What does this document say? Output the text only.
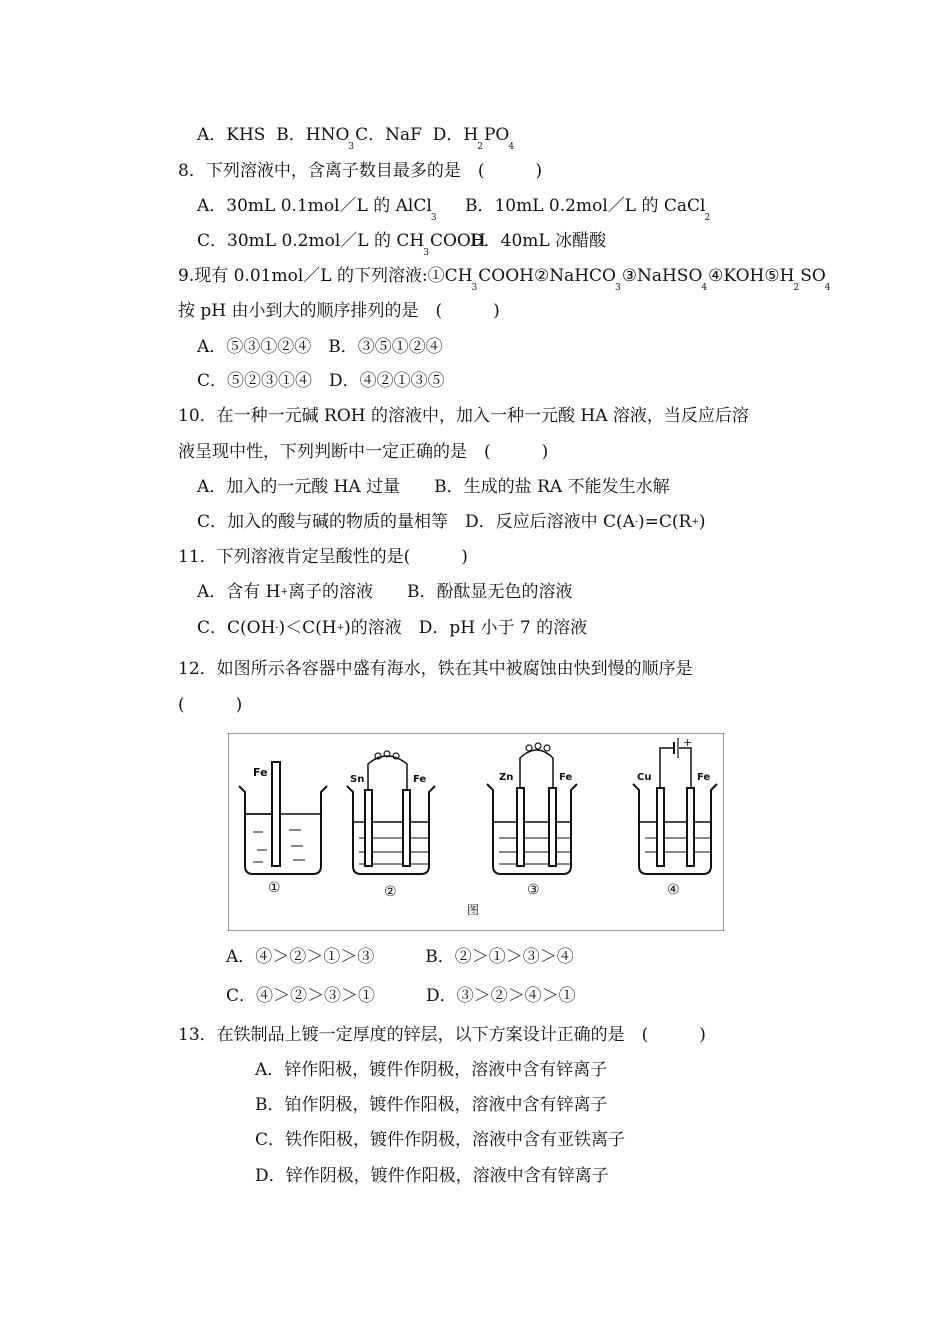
A．KHS B．$HNO_3C$．NaF D．$H_2PO_4$
8．下列溶液中，含离子数目最多的是　(　　　)
A．30mL 0.1mol／L 的 AlCl$_3$
B．10mL 0.2mol／L 的 CaCl$_2$
C．30mL 0.2mol／L 的 $CH_3COOH$
D．40mL 冰醋酸
9.现有 0.01mol／L 的下列溶液$:①CH_3COOH②NaHCO_3③NaHSO_4④KOH⑤H_2SO_4$
按 pH 由小到大的顺序排列的是　(　　　)
A．⑤③①②④　B．③⑤①②④
C．⑤②③①④　D．④②①③⑤
10．在一种一元碱 ROH 的溶液中，加入一种一元酸 HA 溶液，当反应后溶
液呈现中性，下列判断中一定正确的是　(　　　)
A．加入的一元酸 HA 过量　　B．生成的盐 RA 不能发生水解
C．加入的酸与碱的物质的量相等　D．反应后溶液中 C(A-)=C(R+)
11．下列溶液肯定呈酸性的是(　　　)
A．含有 H+离子的溶液　　B．酚酞显无色的溶液
C．C(OH-)＜C(H+)的溶液　D．pH 小于 7 的溶液
12．如图所示各容器中盛有海水，铁在其中被腐蚀由快到慢的顺序是
(　　　)
Fe
①
Sn	Fe
②
Zn	Fe
③
+
Cu	Fe
④
图
A．④＞②＞①＞③　　　B．②＞①＞③＞④
C．④＞②＞③＞①　　　D．③＞②＞④＞①
13．在铁制品上镀一定厚度的锌层，以下方案设计正确的是　(　　　)
A．锌作阳极，镀件作阴极，溶液中含有锌离子
B．铂作阴极，镀件作阳极，溶液中含有锌离子
C．铁作阳极，镀件作阴极，溶液中含有亚铁离子
D．锌作阴极，镀件作阳极，溶液中含有锌离子
